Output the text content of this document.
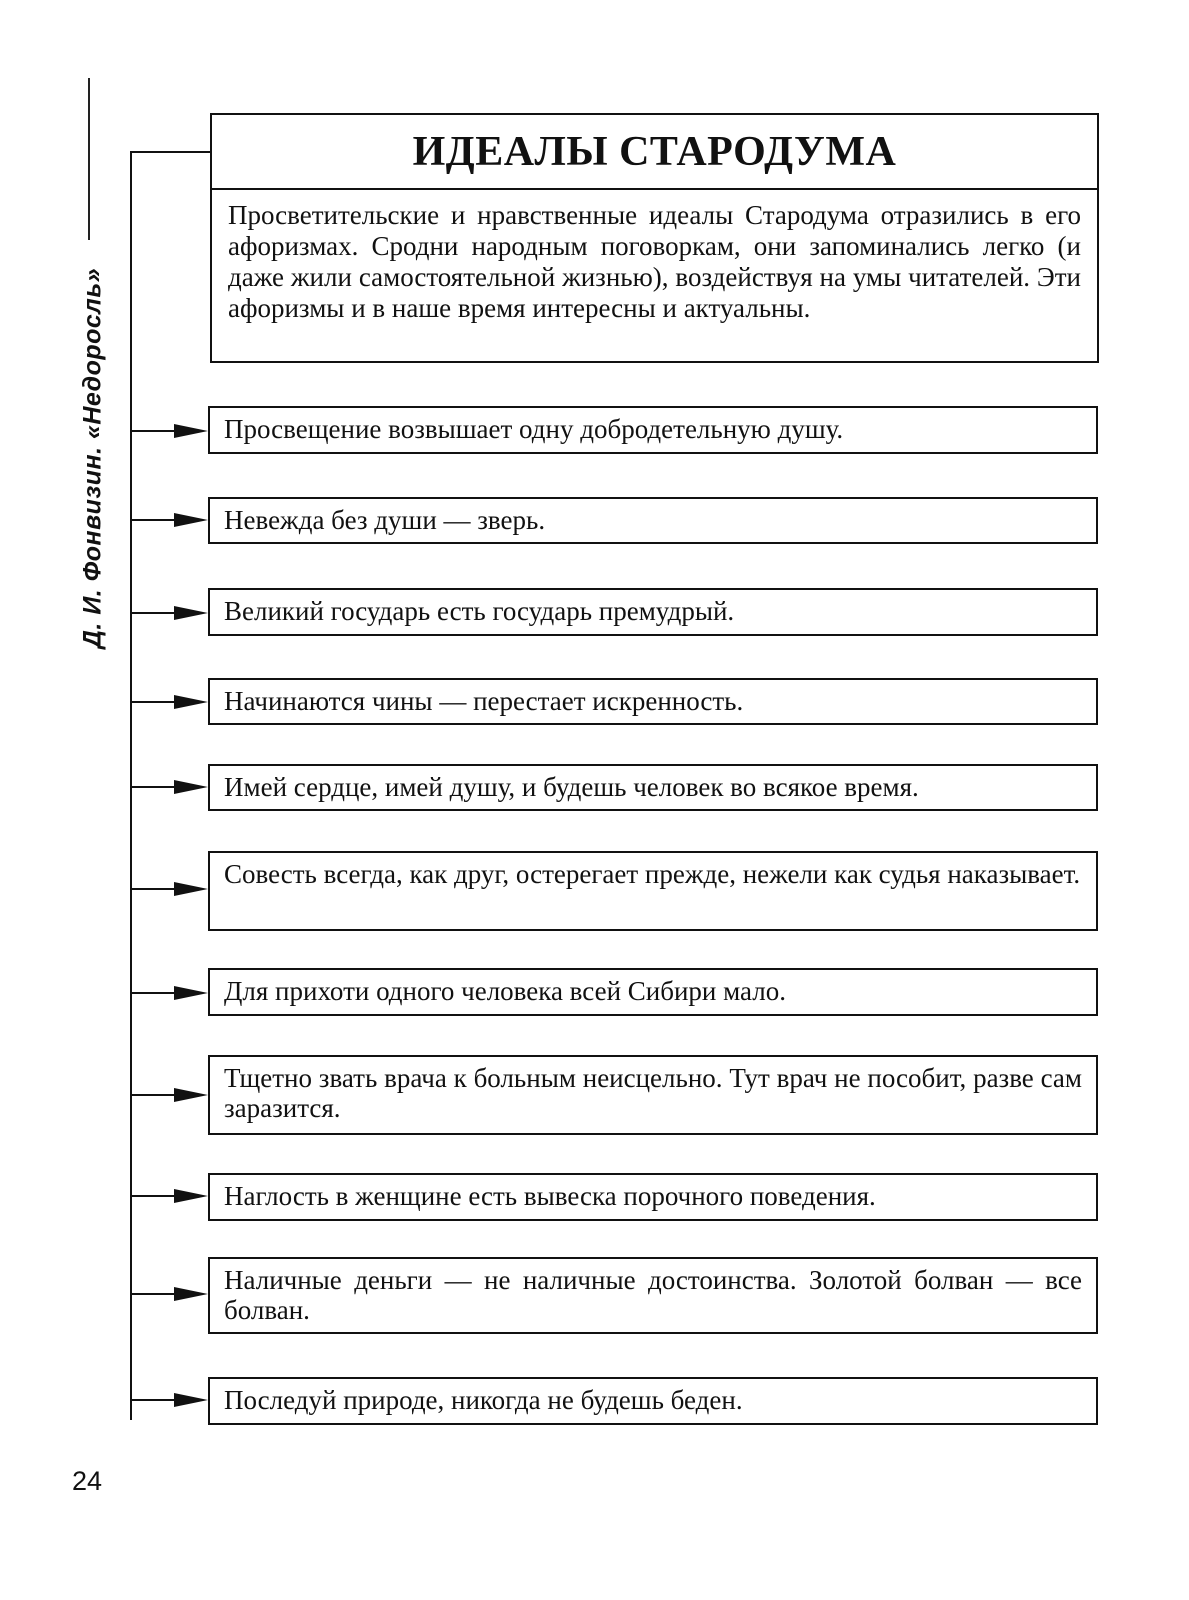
Д. И. Фонвизин. «Недоросль»
24
ИДЕАЛЫ СТАРОДУМА
Просветительские и нравственные идеалы Стародума отразились в его афоризмах. Сродни народным поговоркам, они запоминались легко (и даже жили самостоятельной жизнью), воздействуя на умы читателей. Эти афоризмы и в наше время интересны и актуальны.
Просвещение возвышает одну добродетельную душу.
Невежда без души — зверь.
Великий государь есть государь премудрый.
Начинаются чины — перестает искренность.
Имей сердце, имей душу, и будешь человек во всякое время.
Совесть всегда, как друг, остерегает прежде, нежели как судья наказывает.
Для прихоти одного человека всей Сибири мало.
Тщетно звать врача к больным неисцельно. Тут врач не пособит, разве сам заразится.
Наглость в женщине есть вывеска порочного поведения.
Наличные деньги — не наличные достоинства. Золотой болван — все болван.
Последуй природе, никогда не будешь беден.
